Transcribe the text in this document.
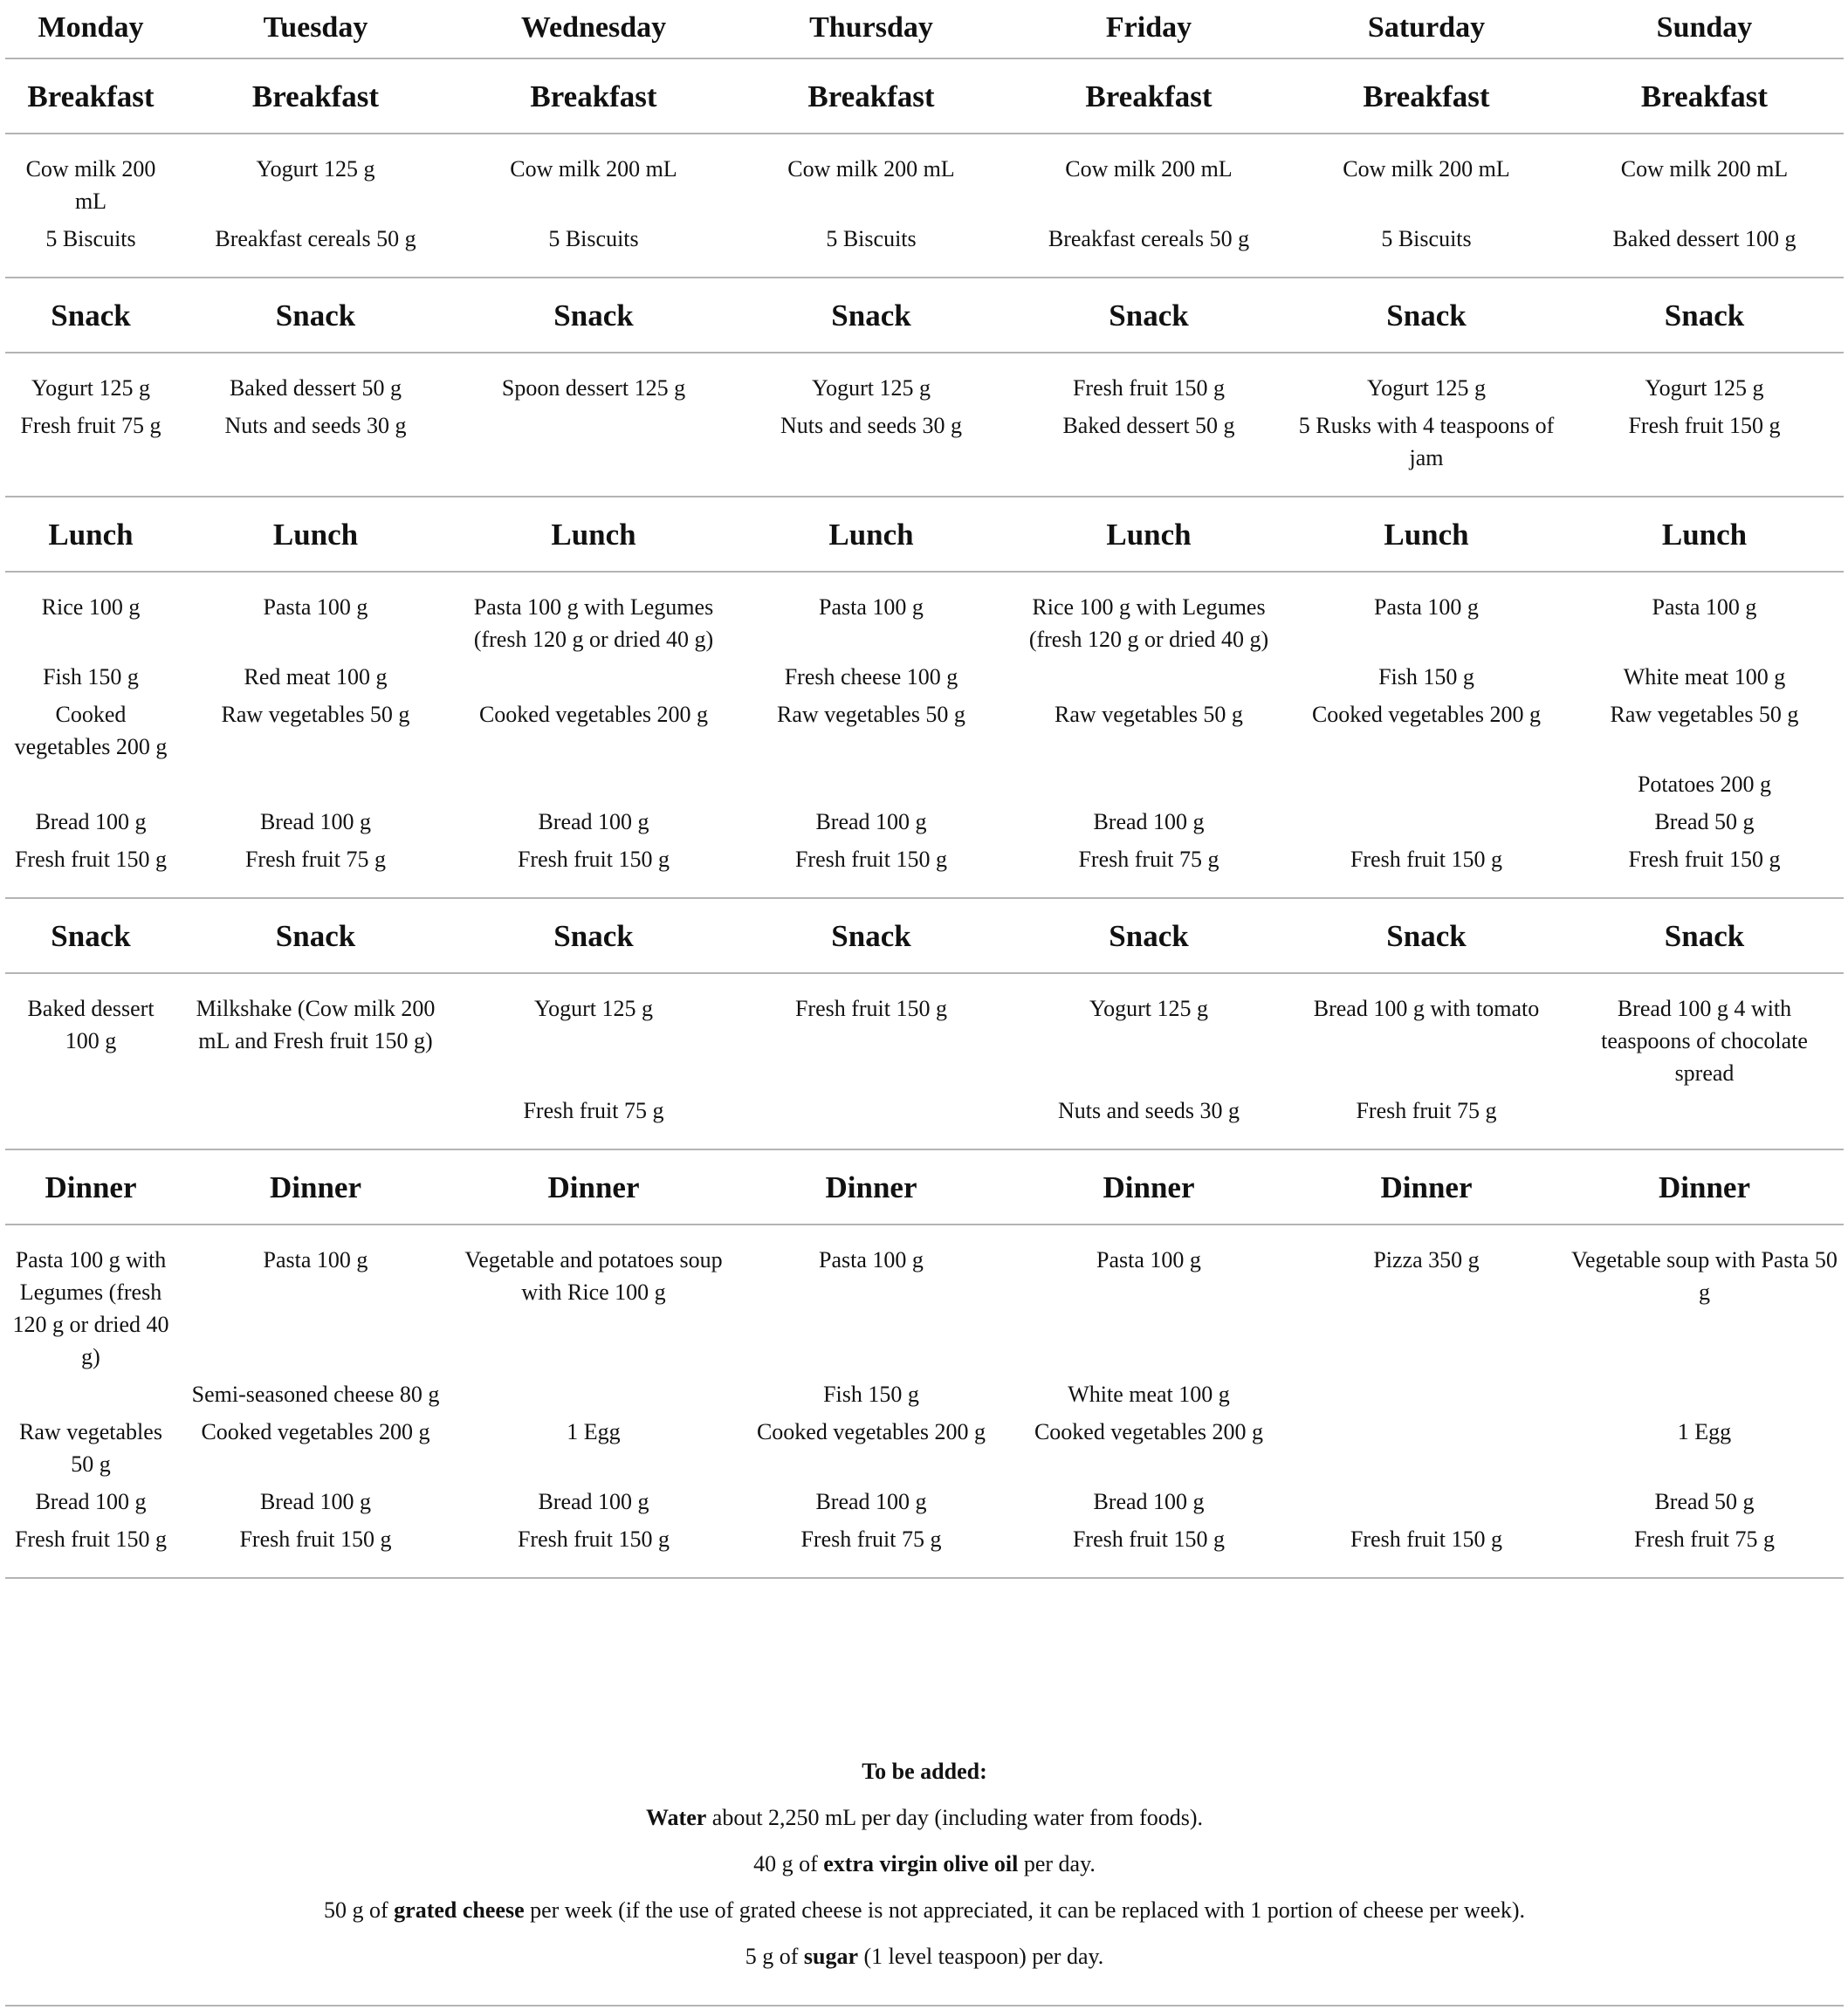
Monday	Tuesday	Wednesday	Thursday	Friday	Saturday	Sunday

Breakfast	Breakfast	Breakfast	Breakfast	Breakfast	Breakfast	Breakfast

Cow milk 200 mL	Yogurt 125 g	Cow milk 200 mL	Cow milk 200 mL	Cow milk 200 mL	Cow milk 200 mL	Cow milk 200 mL
5 Biscuits	Breakfast cereals 50 g	5 Biscuits	5 Biscuits	Breakfast cereals 50 g	5 Biscuits	Baked dessert 100 g

Snack	Snack	Snack	Snack	Snack	Snack	Snack

Yogurt 125 g	Baked dessert 50 g	Spoon dessert 125 g	Yogurt 125 g	Fresh fruit 150 g	Yogurt 125 g	Yogurt 125 g
Fresh fruit 75 g	Nuts and seeds 30 g		Nuts and seeds 30 g	Baked dessert 50 g	5 Rusks with 4 teaspoons of jam	Fresh fruit 150 g

Lunch	Lunch	Lunch	Lunch	Lunch	Lunch	Lunch

Rice 100 g	Pasta 100 g	Pasta 100 g with Legumes (fresh 120 g or dried 40 g)	Pasta 100 g	Rice 100 g with Legumes (fresh 120 g or dried 40 g)	Pasta 100 g	Pasta 100 g
Fish 150 g	Red meat 100 g		Fresh cheese 100 g		Fish 150 g	White meat 100 g
Cooked vegetables 200 g	Raw vegetables 50 g	Cooked vegetables 200 g	Raw vegetables 50 g	Raw vegetables 50 g	Cooked vegetables 200 g	Raw vegetables 50 g
						Potatoes 200 g
Bread 100 g	Bread 100 g	Bread 100 g	Bread 100 g	Bread 100 g		Bread 50 g
Fresh fruit 150 g	Fresh fruit 75 g	Fresh fruit 150 g	Fresh fruit 150 g	Fresh fruit 75 g	Fresh fruit 150 g	Fresh fruit 150 g

Snack	Snack	Snack	Snack	Snack	Snack	Snack

Baked dessert 100 g	Milkshake (Cow milk 200 mL and Fresh fruit 150 g)	Yogurt 125 g	Fresh fruit 150 g	Yogurt 125 g	Bread 100 g with tomato	Bread 100 g 4 with teaspoons of chocolate spread
		Fresh fruit 75 g		Nuts and seeds 30 g	Fresh fruit 75 g	

Dinner	Dinner	Dinner	Dinner	Dinner	Dinner	Dinner

Pasta 100 g with Legumes (fresh 120 g or dried 40 g)	Pasta 100 g	Vegetable and potatoes soup with Rice 100 g	Pasta 100 g	Pasta 100 g	Pizza 350 g	Vegetable soup with Pasta 50 g
	Semi-seasoned cheese 80 g		Fish 150 g	White meat 100 g		
Raw vegetables 50 g	Cooked vegetables 200 g	1 Egg	Cooked vegetables 200 g	Cooked vegetables 200 g		1 Egg
Bread 100 g	Bread 100 g	Bread 100 g	Bread 100 g	Bread 100 g		Bread 50 g
Fresh fruit 150 g	Fresh fruit 150 g	Fresh fruit 150 g	Fresh fruit 75 g	Fresh fruit 150 g	Fresh fruit 150 g	Fresh fruit 75 g

To be added:
Water about 2,250 mL per day (including water from foods).
40 g of extra virgin olive oil per day.
50 g of grated cheese per week (if the use of grated cheese is not appreciated, it can be replaced with 1 portion of cheese per week).
5 g of sugar (1 level teaspoon) per day.
